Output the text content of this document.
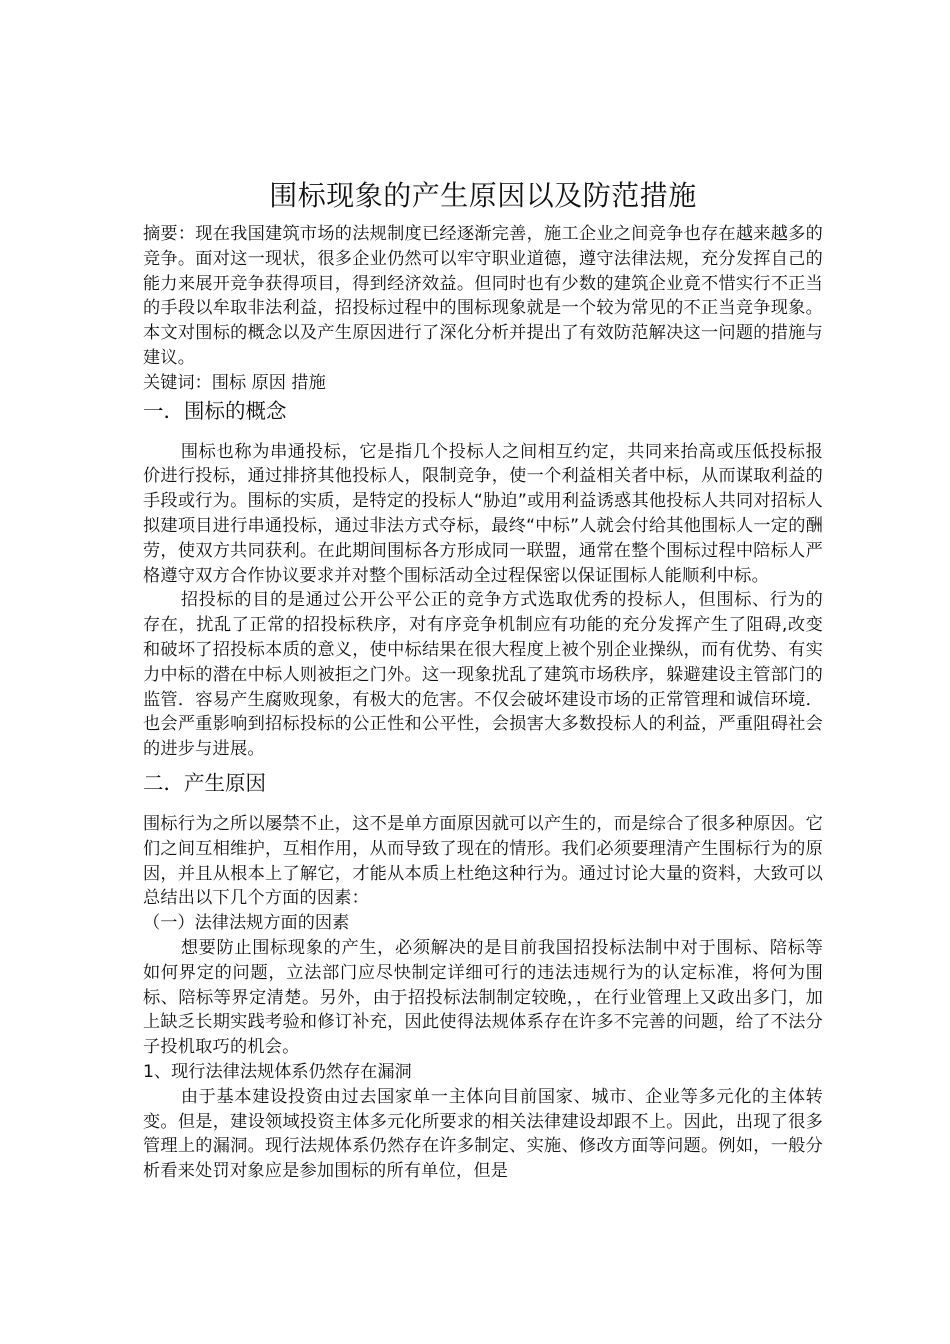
围标现象的产生原因以及防范措施

摘要：现在我国建筑市场的法规制度已经逐渐完善，施工企业之间竞争也存在越来越多的竞争。面对这一现状，很多企业仍然可以牢守职业道德，遵守法律法规，充分发挥自己的能力来展开竞争获得项目，得到经济效益。但同时也有少数的建筑企业竟不惜实行不正当的手段以牟取非法利益，招投标过程中的围标现象就是一个较为常见的不正当竞争现象。本文对围标的概念以及产生原因进行了深化分析并提出了有效防范解决这一问题的措施与建议。

关键词：围标 原因 措施

一．围标的概念

围标也称为串通投标，它是指几个投标人之间相互约定，共同来抬高或压低投标报价进行投标，通过排挤其他投标人，限制竞争，使一个利益相关者中标，从而谋取利益的手段或行为。围标的实质，是特定的投标人“胁迫”或用利益诱惑其他投标人共同对招标人拟建项目进行串通投标，通过非法方式夺标，最终“中标”人就会付给其他围标人一定的酬劳，使双方共同获利。在此期间围标各方形成同一联盟，通常在整个围标过程中陪标人严格遵守双方合作协议要求并对整个围标活动全过程保密以保证围标人能顺利中标。

招投标的目的是通过公开公平公正的竞争方式选取优秀的投标人，但围标、行为的存在，扰乱了正常的招投标秩序，对有序竞争机制应有功能的充分发挥产生了阻碍,改变和破坏了招投标本质的意义，使中标结果在很大程度上被个别企业操纵，而有优势、有实力中标的潜在中标人则被拒之门外。这一现象扰乱了建筑市场秩序，躲避建设主管部门的监管．容易产生腐败现象，有极大的危害。不仅会破坏建设市场的正常管理和诚信环境．也会严重影响到招标投标的公正性和公平性，会损害大多数投标人的利益，严重阻碍社会的进步与进展。

二．产生原因

围标行为之所以屡禁不止，这不是单方面原因就可以产生的，而是综合了很多种原因。它们之间互相维护，互相作用，从而导致了现在的情形。我们必须要理清产生围标行为的原因，并且从根本上了解它，才能从本质上杜绝这种行为。通过讨论大量的资料，大致可以总结出以下几个方面的因素：

（一）法律法规方面的因素

想要防止围标现象的产生，必须解决的是目前我国招投标法制中对于围标、陪标等如何界定的问题，立法部门应尽快制定详细可行的违法违规行为的认定标准，将何为围标、陪标等界定清楚。另外，由于招投标法制制定较晚，，在行业管理上又政出多门，加上缺乏长期实践考验和修订补充，因此使得法规体系存在许多不完善的问题，给了不法分子投机取巧的机会。

1、现行法律法规体系仍然存在漏洞

由于基本建设投资由过去国家单一主体向目前国家、城市、企业等多元化的主体转变。但是，建设领域投资主体多元化所要求的相关法律建设却跟不上。因此，出现了很多管理上的漏洞。现行法规体系仍然存在许多制定、实施、修改方面等问题。例如，一般分析看来处罚对象应是参加围标的所有单位，但是
